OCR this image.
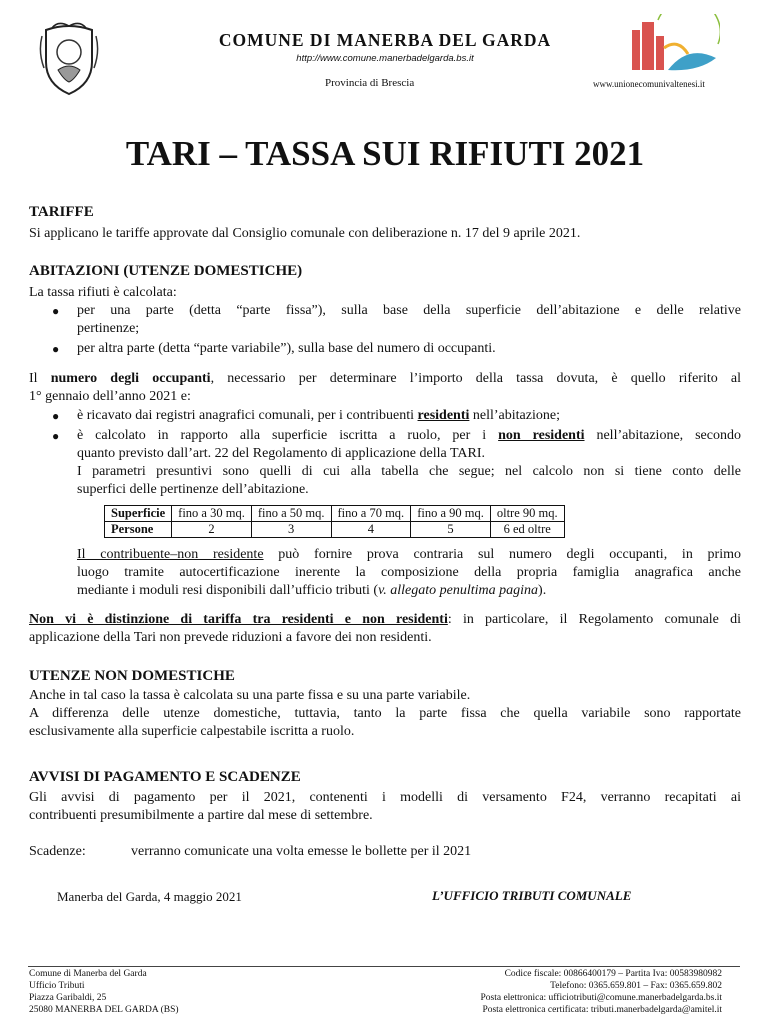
COMUNE DI MANERBA DEL GARDA
http://www.comune.manerbadelgarda.bs.it
Provincia di Brescia	www.unionecomunivaltenesi.it
TARI – TASSA SUI RIFIUTI 2021
TARIFFE
Si applicano le tariffe approvate dal Consiglio comunale con deliberazione n. 17 del 9 aprile 2021.
ABITAZIONI (UTENZE DOMESTICHE)
La tassa rifiuti è calcolata:
● per una parte (detta “parte fissa”), sulla base della superficie dell’abitazione e delle relative
pertinenze;
● per altra parte (detta “parte variabile”), sulla base del numero di occupanti.
Il numero degli occupanti, necessario per determinare l’importo della tassa dovuta, è quello riferito al
1° gennaio dell’anno 2021 e:
● è ricavato dai registri anagrafici comunali, per i contribuenti residenti nell’abitazione;
● è calcolato in rapporto alla superficie iscritta a ruolo, per i non residenti nell’abitazione, secondo
quanto previsto dall’art. 22 del Regolamento di applicazione della TARI.
I parametri presuntivi sono quelli di cui alla tabella che segue; nel calcolo non si tiene conto delle
superfici delle pertinenze dell’abitazione.
Superficie	fino a 30 mq.	fino a 50 mq.	fino a 70 mq.	fino a 90 mq.	oltre 90 mq.
Persone	2	3	4	5	6 ed oltre
Il contribuente–non residente può fornire prova contraria sul numero degli occupanti, in primo
luogo tramite autocertificazione inerente la composizione della propria famiglia anagrafica anche
mediante i moduli resi disponibili dall’ufficio tributi (v. allegato penultima pagina).
Non vi è distinzione di tariffa tra residenti e non residenti: in particolare, il Regolamento comunale di
applicazione della Tari non prevede riduzioni a favore dei non residenti.
UTENZE NON DOMESTICHE
Anche in tal caso la tassa è calcolata su una parte fissa e su una parte variabile.
A differenza delle utenze domestiche, tuttavia, tanto la parte fissa che quella variabile sono rapportate
esclusivamente alla superficie calpestabile iscritta a ruolo.
AVVISI DI PAGAMENTO E SCADENZE
Gli avvisi di pagamento per il 2021, contenenti i modelli di versamento F24, verranno recapitati ai
contribuenti presumibilmente a partire dal mese di settembre.
Scadenze:	verranno comunicate una volta emesse le bollette per il 2021
Manerba del Garda, 4 maggio 2021	L’UFFICIO TRIBUTI COMUNALE
Comune di Manerba del Garda
Ufficio Tributi
Piazza Garibaldi, 25
25080 MANERBA DEL GARDA (BS)
Codice fiscale: 00866400179 – Partita Iva: 00583980982
Telefono: 0365.659.801 – Fax: 0365.659.802
Posta elettronica: ufficiotributi@comune.manerbadelgarda.bs.it
Posta elettronica certificata: tributi.manerbadelgarda@amitel.it
